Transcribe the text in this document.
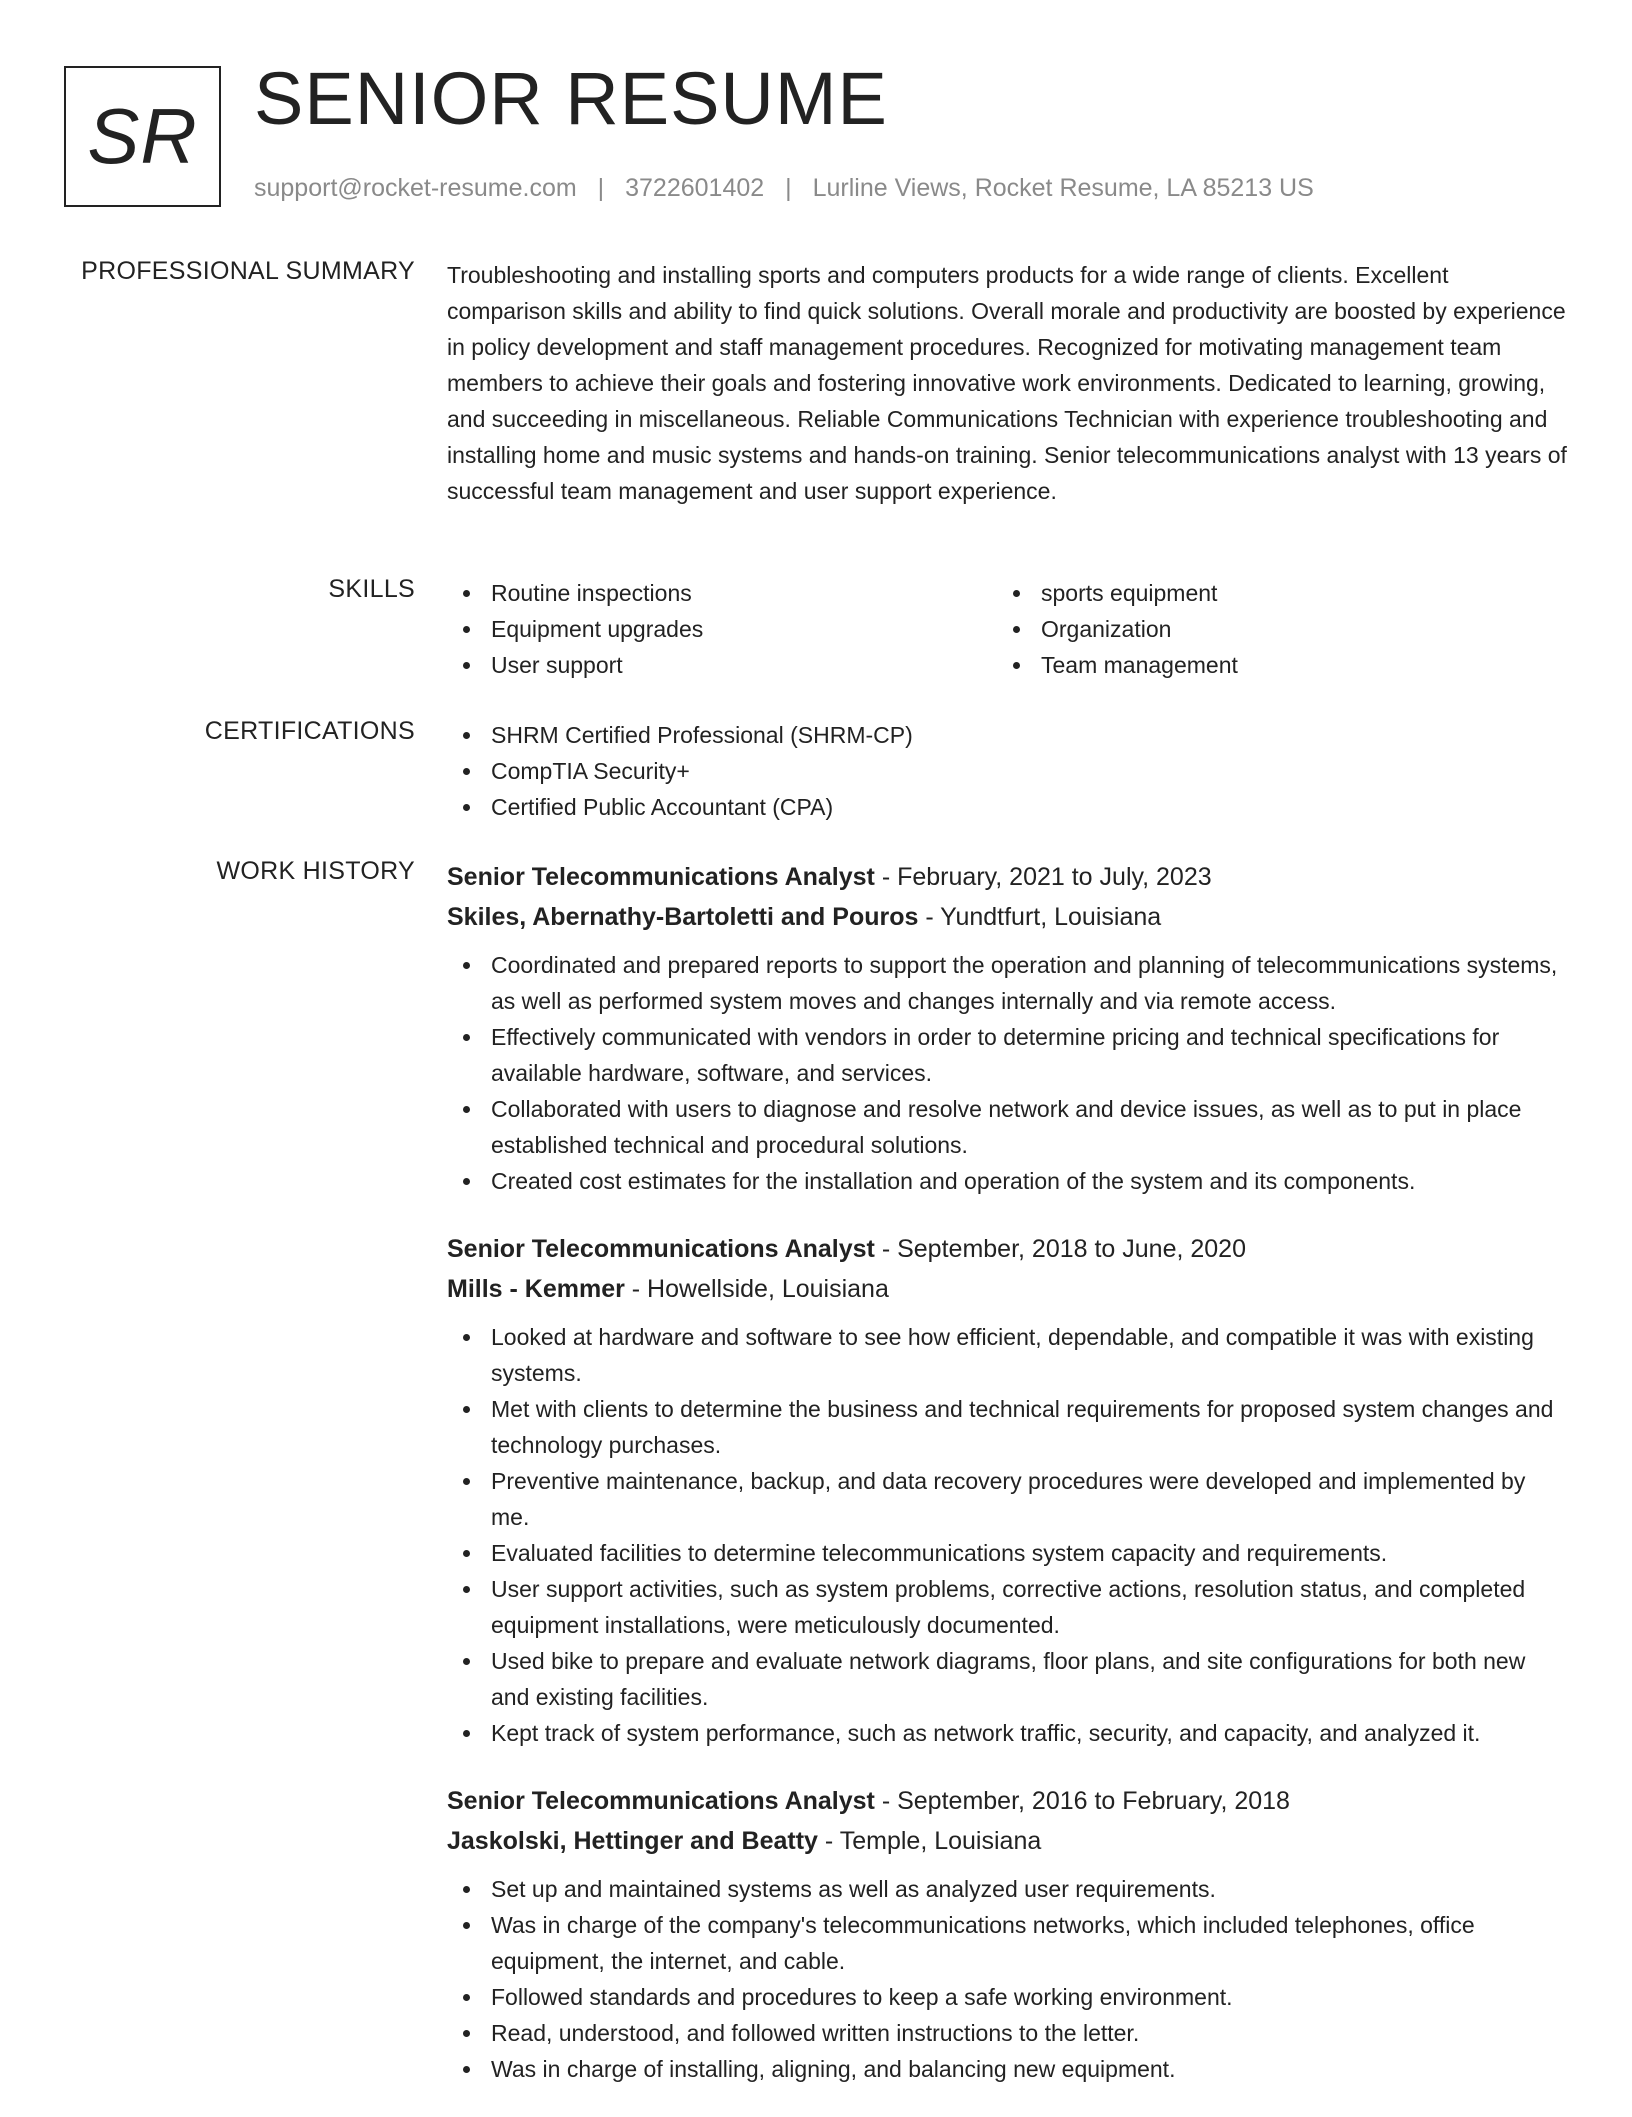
SR SENIOR RESUME
support@rocket-resume.com | 3722601402 | Lurline Views, Rocket Resume, LA 85213 US
PROFESSIONAL SUMMARY Troubleshooting and installing sports and computers products for a wide range of clients. Excellent comparison skills and ability to find quick solutions. Overall morale and productivity are boosted by experience in policy development and staff management procedures. Recognized for motivating management team members to achieve their goals and fostering innovative work environments. Dedicated to learning, growing, and succeeding in miscellaneous. Reliable Communications Technician with experience troubleshooting and installing home and music systems and hands-on training. Senior telecommunications analyst with 13 years of successful team management and user support experience.

SKILLS	Routine inspections
Equipment upgrades
User support
sports equipment
Organization
Team management
CERTIFICATIONS	SHRM Certified Professional (SHRM-CP)
CompTIA Security+
Certified Public Accountant (CPA)
WORK HISTORY Senior Telecommunications Analyst - February, 2021 to July, 2023
Skiles, Abernathy-Bartoletti and Pouros - Yundtfurt, Louisiana
Coordinated and prepared reports to support the operation and planning of telecommunications systems, as well as performed system moves and changes internally and via remote access.
Effectively communicated with vendors in order to determine pricing and technical specifications for available hardware, software, and services.
Collaborated with users to diagnose and resolve network and device issues, as well as to put in place established technical and procedural solutions.
Created cost estimates for the installation and operation of the system and its components.
Senior Telecommunications Analyst - September, 2018 to June, 2020
Mills - Kemmer - Howellside, Louisiana
Looked at hardware and software to see how efficient, dependable, and compatible it was with existing systems.
Met with clients to determine the business and technical requirements for proposed system changes and technology purchases.
Preventive maintenance, backup, and data recovery procedures were developed and implemented by me.
Evaluated facilities to determine telecommunications system capacity and requirements.
User support activities, such as system problems, corrective actions, resolution status, and completed equipment installations, were meticulously documented.
Used bike to prepare and evaluate network diagrams, floor plans, and site configurations for both new and existing facilities.
Kept track of system performance, such as network traffic, security, and capacity, and analyzed it.
Senior Telecommunications Analyst - September, 2016 to February, 2018
Jaskolski, Hettinger and Beatty - Temple, Louisiana
Set up and maintained systems as well as analyzed user requirements.
Was in charge of the company's telecommunications networks, which included telephones, office equipment, the internet, and cable.
Followed standards and procedures to keep a safe working environment.
Read, understood, and followed written instructions to the letter.
Was in charge of installing, aligning, and balancing new equipment.
